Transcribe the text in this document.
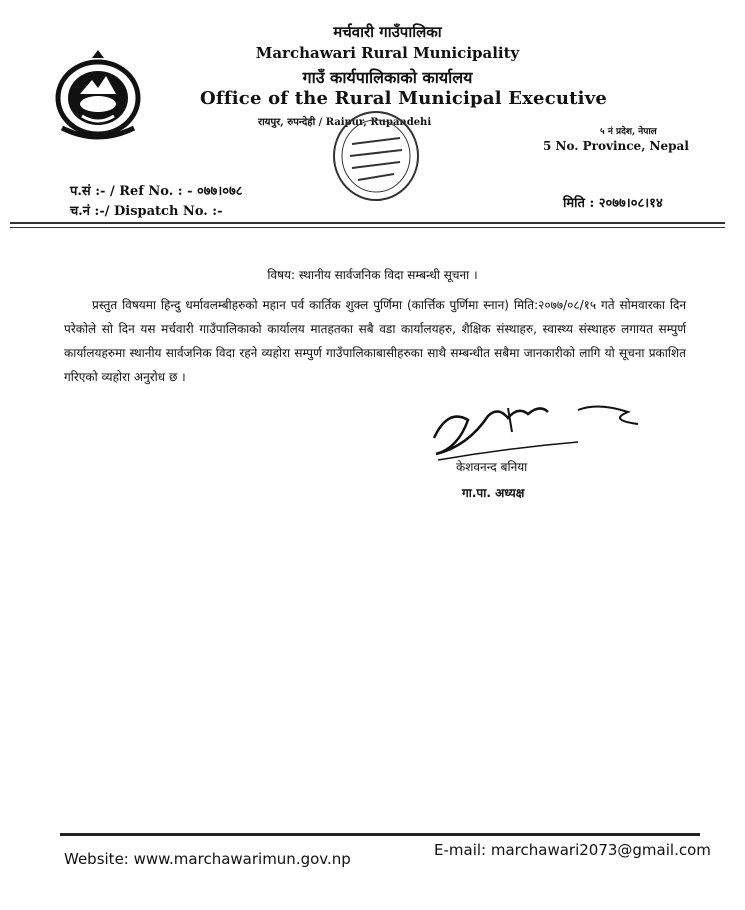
मर्चवारी गाउँपालिका
Marchawari Rural Municipality
गाउँ कार्यपालिकाको कार्यालय
Office of the Rural Municipal Executive
रायपुर, रुपन्देही / Raipur, Rupandehi
५ नं प्रदेश, नेपाल
5 No. Province, Nepal
प.सं :- / Ref No. : - ०७७।०७८
च.नं :-/ Dispatch No. :-
मिति : २०७७।०८।१४
विषय: स्थानीय सार्वजनिक विदा सम्बन्धी सूचना ।
प्रस्तुत विषयमा हिन्दु धर्मावलम्बीहरुको महान पर्व कार्तिक शुक्ल पुर्णिमा (कार्त्तिक पुर्णिमा स्नान) मिति:२०७७/०८/१५ गते सोमवारका दिन परेकोले सो दिन यस मर्चवारी गाउँपालिकाको कार्यालय मातहतका सबै वडा कार्यालयहरु, शैक्षिक संस्थाहरु, स्वास्थ्य संस्थाहरु लगायत सम्पुर्ण कार्यालयहरुमा स्थानीय सार्वजनिक विदा रहने व्यहोरा सम्पुर्ण गाउँपालिकाबासीहरुका साथै सम्बन्धीत सबैमा जानकारीको लागि यो सूचना प्रकाशित गरिएको व्यहोरा अनुरोध छ ।
केशवनन्द बनिया
गा.पा. अध्यक्ष
Website: www.marchawarimun.gov.np	E-mail: marchawari2073@gmail.com
